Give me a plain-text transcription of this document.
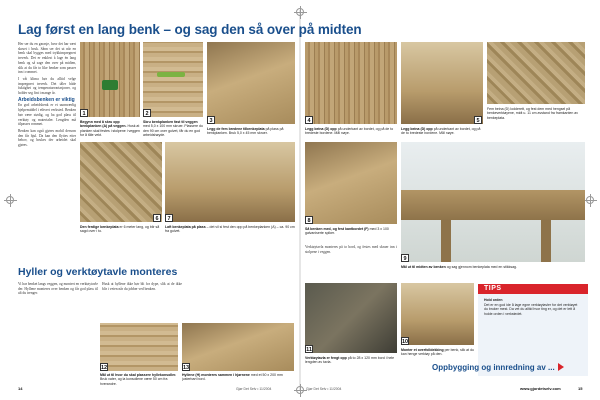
Lag først en lang benk – og sag den så over på midten

Her ser du en garasje, hvor det har vært skruet i bruk. Sånn ser det ut når en benk skal bygges med trykkimpregnert treverk. Det er enklest å lage én lang benk og så sage den over på midten, slik at du får to like benker som passer inn i rommet.

I våt klima bør du alltid velge impregnert treverk. Det tåler både fuktighet og temperaturvariasjoner, og holder seg fint i mange år.

Arbeidsbenken er viktig

En god arbeidsbenk er et uunnværlig hjelpemiddel i ethvert verksted. Benken bør være stødig, og ha god plass til verktøy og materialer. Lengden må tilpasses rommet.

Benken kan også gjøres mobil dersom den får hjul. Da kan den flyttes etter behov, og brukes der arbeidet skal gjøres.

1
Begynn med å skru opp benkplanken (A) på veggen. Husk at planken skal festes i stolpene i veggen for å tåle vekt.
2
Skru benkplanken fast til veggen med 5,0 x 100 mm skruer. Plassere du den 90 cm over gulvet, får du en god arbeidshøyde.
3
Legg de fem bredene tilbenkeplata på plass på benkplanken. Bruk 5,0 x 45 mm skruer.
6
Den ferdige benkeplata er 6 meter lang, og blir så sagd over i to.
7
Laft benkeplata på plass – det vil si fest den opp på benkeplanken (A) – ca. 90 cm fra gulvet.
Hyller og verktøytavle monteres

Vi har benket langs veggen, og montert en verktøytavle der. Hyllene monteres over benken og får god plass til alt du trenger.

Husk at hyllene ikke bør bli for dype, slik at de ikke blir i veien når du jobber ved benken.

12
Mål ut til hvor du skal plassere hyllekonsoller. Bruk vater, og la konsollene være 50 cm fra hverandre.
13
Hyllene (H) monteres sammen i hjørnene med et 50 x 200 mm justerbart bord.
4
Legg beina (D) opp på underkant av bordet, og på de to bredeste bordene. Mål nøye.
5
Legg beina (D) opp på underkant av bordet, og på de to bredeste bordene. Mål nøye.
Fem beina (D) lodderett, og fest dem med hengsel på benkeverktøyene, midt u. 11 cm avstand fra framkanten av benkeplata.
8
Så benken med, og fest kantbordet (F) med 3 x 100 galvaniserte spiker.
9
Mål ut til midten av benken og sag gjennom benkeplata med en stikksag.

Verktøytavla monteres på to bord, og festes med skruer inn i stolpene i veggen.

11
Verktøytavla er fengt opp på to 28 x 120 mm bord i hele lengden av tavla.
10
Monter et overfolldekking per benk, slik at du kan henge verktøy på den.
TIPS
Hold orden
Det er en god ide å lage egne verktøytavler for det verktøyet du bruker mest. Da vet du alltid hvor ting er, og det er lett å holde orden i verkstedet.
Oppbygging og innredning av ...
14	Gjør Det Selv • 11/2004	Gjør Det Selv • 11/2004	www.gjordetselv.com	15
